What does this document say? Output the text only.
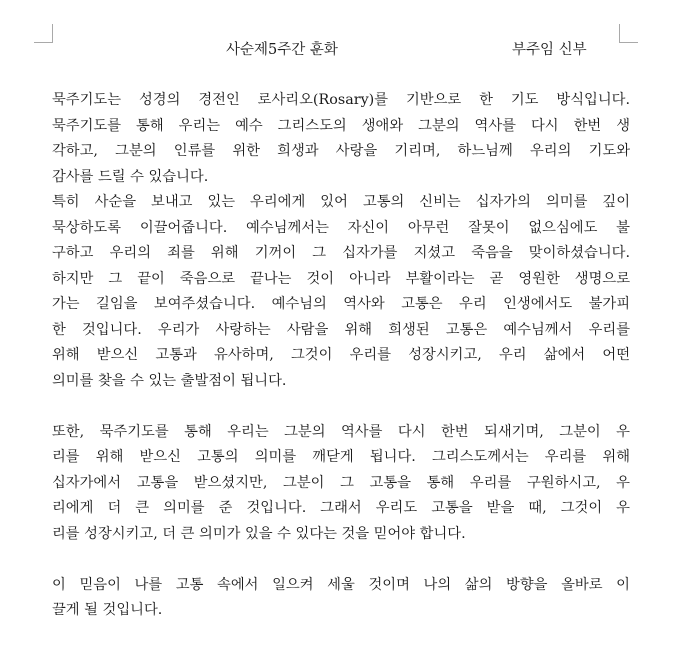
사순제5주간 훈화	부주임 신부
묵주기도는 성경의 경전인 로사리오(Rosary)를 기반으로 한 기도 방식입니다.
묵주기도를 통해 우리는 예수 그리스도의 생애와 그분의 역사를 다시 한번 생
각하고, 그분의 인류를 위한 희생과 사랑을 기리며, 하느님께 우리의 기도와
감사를 드릴 수 있습니다.
특히 사순을 보내고 있는 우리에게 있어 고통의 신비는 십자가의 의미를 깊이
묵상하도록 이끌어줍니다. 예수님께서는 자신이 아무런 잘못이 없으심에도 불
구하고 우리의 죄를 위해 기꺼이 그 십자가를 지셨고 죽음을 맞이하셨습니다.
하지만 그 끝이 죽음으로 끝나는 것이 아니라 부활이라는 곧 영원한 생명으로
가는 길임을 보여주셨습니다. 예수님의 역사와 고통은 우리 인생에서도 불가피
한 것입니다. 우리가 사랑하는 사람을 위해 희생된 고통은 예수님께서 우리를
위해 받으신 고통과 유사하며, 그것이 우리를 성장시키고, 우리 삶에서 어떤
의미를 찾을 수 있는 출발점이 됩니다.
또한, 묵주기도를 통해 우리는 그분의 역사를 다시 한번 되새기며, 그분이 우
리를 위해 받으신 고통의 의미를 깨닫게 됩니다. 그리스도께서는 우리를 위해
십자가에서 고통을 받으셨지만, 그분이 그 고통을 통해 우리를 구원하시고, 우
리에게 더 큰 의미를 준 것입니다. 그래서 우리도 고통을 받을 때, 그것이 우
리를 성장시키고, 더 큰 의미가 있을 수 있다는 것을 믿어야 합니다.
이 믿음이 나를 고통 속에서 일으켜 세울 것이며 나의 삶의 방향을 올바로 이
끌게 될 것입니다.
